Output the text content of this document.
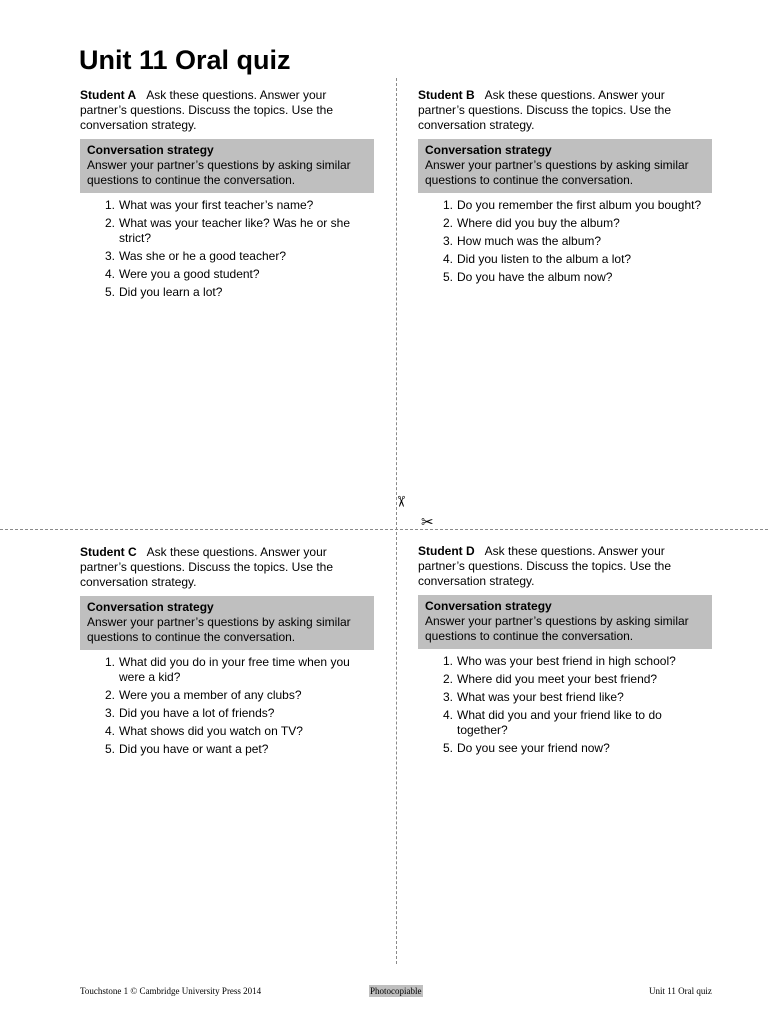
Unit 11 Oral quiz
✂
✂

Student A Ask these questions. Answer your partner’s questions. Discuss the topics. Use the conversation strategy.

Conversation strategy
Answer your partner’s questions by asking similar questions to continue the conversation.
1. What was your first teacher’s name?
2. What was your teacher like? Was he or she strict?
3. Was she or he a good teacher?
4. Were you a good student?
5. Did you learn a lot?

Student B Ask these questions. Answer your partner’s questions. Discuss the topics. Use the conversation strategy.

Conversation strategy
Answer your partner’s questions by asking similar questions to continue the conversation.
1. Do you remember the first album you bought?
2. Where did you buy the album?
3. How much was the album?
4. Did you listen to the album a lot?
5. Do you have the album now?

Student C Ask these questions. Answer your partner’s questions. Discuss the topics. Use the conversation strategy.

Conversation strategy
Answer your partner’s questions by asking similar questions to continue the conversation.
1. What did you do in your free time when you were a kid?
2. Were you a member of any clubs?
3. Did you have a lot of friends?
4. What shows did you watch on TV?
5. Did you have or want a pet?

Student D Ask these questions. Answer your partner’s questions. Discuss the topics. Use the conversation strategy.

Conversation strategy
Answer your partner’s questions by asking similar questions to continue the conversation.
1. Who was your best friend in high school?
2. Where did you meet your best friend?
3. What was your best friend like?
4. What did you and your friend like to do together?
5. Do you see your friend now?
Touchstone 1 © Cambridge University Press 2014	Photocopiable	Unit 11 Oral quiz
